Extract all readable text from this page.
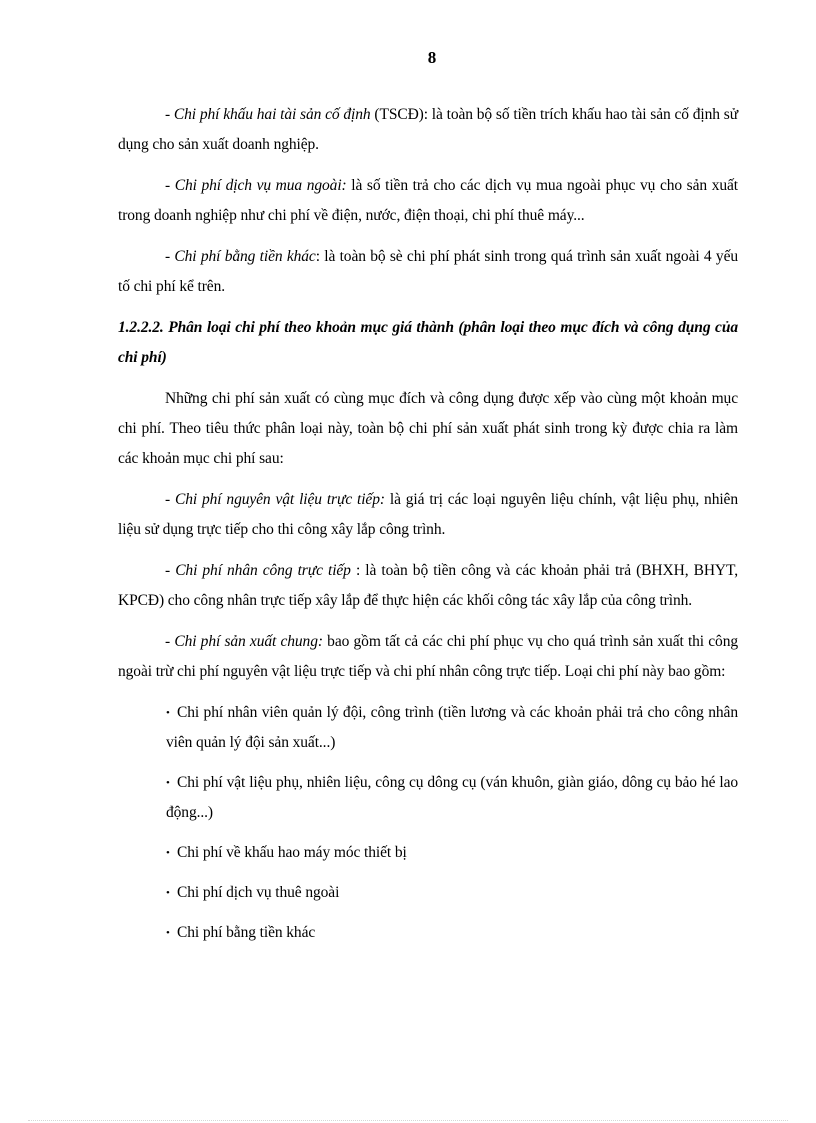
8

- Chi phí khấu hai tài sản cố định (TSCĐ): là toàn bộ số tiền trích khấu hao tài sản cố định sử dụng cho sản xuất doanh nghiệp.

- Chi phí dịch vụ mua ngoài: là số tiền trả cho các dịch vụ mua ngoài phục vụ cho sản xuất trong doanh nghiệp như chi phí về điện, nước, điện thoại, chi phí thuê máy...

- Chi phí bằng tiền khác: là toàn bộ sè chi phí phát sinh trong quá trình sản xuất ngoài 4 yếu tố chi phí kể trên.

1.2.2.2. Phân loại chi phí theo khoản mục giá thành (phân loại theo mục đích và công dụng của chi phí)

Những chi phí sản xuất có cùng mục đích và công dụng được xếp vào cùng một khoản mục chi phí. Theo tiêu thức phân loại này, toàn bộ chi phí sản xuất phát sinh trong kỳ được chia ra làm các khoản mục chi phí sau:

- Chi phí nguyên vật liệu trực tiếp: là giá trị các loại nguyên liệu chính, vật liệu phụ, nhiên liệu sử dụng trực tiếp cho thi công xây lắp công trình.

- Chi phí nhân công trực tiếp : là toàn bộ tiền công và các khoản phải trả (BHXH, BHYT, KPCĐ) cho công nhân trực tiếp xây lắp để thực hiện các khối công tác xây lắp của công trình.

- Chi phí sản xuất chung: bao gồm tất cả các chi phí phục vụ cho quá trình sản xuất thi công ngoài trừ chi phí nguyên vật liệu trực tiếp và chi phí nhân công trực tiếp. Loại chi phí này bao gồm:

• Chi phí nhân viên quản lý đội, công trình (tiền lương và các khoản phải trả cho công nhân viên quản lý đội sản xuất...)

• Chi phí vật liệu phụ, nhiên liệu, công cụ dông cụ (ván khuôn, giàn giáo, dông cụ bảo hé lao động...)

• Chi phí về khấu hao máy móc thiết bị

• Chi phí dịch vụ thuê ngoài

• Chi phí bằng tiền khác
